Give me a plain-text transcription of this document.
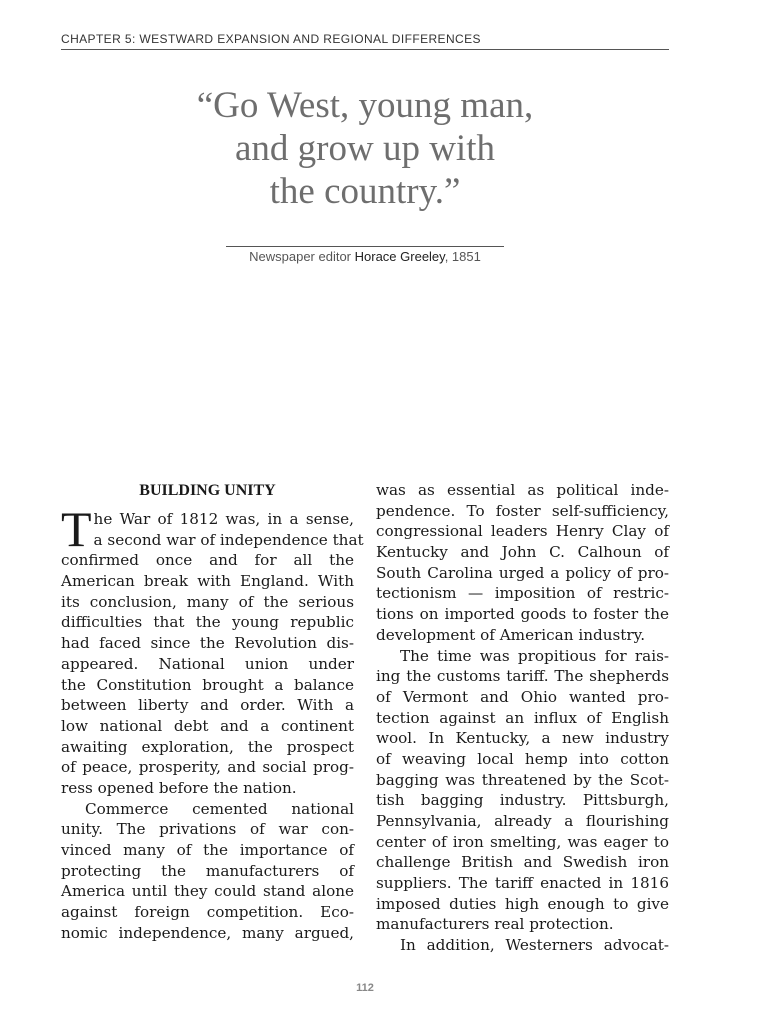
CHAPTER 5: WESTWARD EXPANSION AND REGIONAL DIFFERENCES
“Go West, young man,
and grow up with
the country.”
Newspaper editor Horace Greeley, 1851
BUILDING UNITY
T he War of 1812 was, in a sense,
a second war of independence that
confirmed once and for all the
American break with England. With
its conclusion, many of the serious
difficulties that the young republic
had faced since the Revolution dis-
appeared. National union under
the Constitution brought a balance
between liberty and order. With a
low national debt and a continent
awaiting exploration, the prospect
of peace, prosperity, and social prog-
ress opened before the nation.
Commerce cemented national
unity. The privations of war con-
vinced many of the importance of
protecting the manufacturers of
America until they could stand alone
against foreign competition. Eco-
nomic independence, many argued,
was as essential as political inde-
pendence. To foster self-sufficiency,
congressional leaders Henry Clay of
Kentucky and John C. Calhoun of
South Carolina urged a policy of pro-
tectionism — imposition of restric-
tions on imported goods to foster the
development of American industry.
The time was propitious for rais-
ing the customs tariff. The shepherds
of Vermont and Ohio wanted pro-
tection against an influx of English
wool. In Kentucky, a new industry
of weaving local hemp into cotton
bagging was threatened by the Scot-
tish bagging industry. Pittsburgh,
Pennsylvania, already a flourishing
center of iron smelting, was eager to
challenge British and Swedish iron
suppliers. The tariff enacted in 1816
imposed duties high enough to give
manufacturers real protection.
In addition, Westerners advocat-
112
